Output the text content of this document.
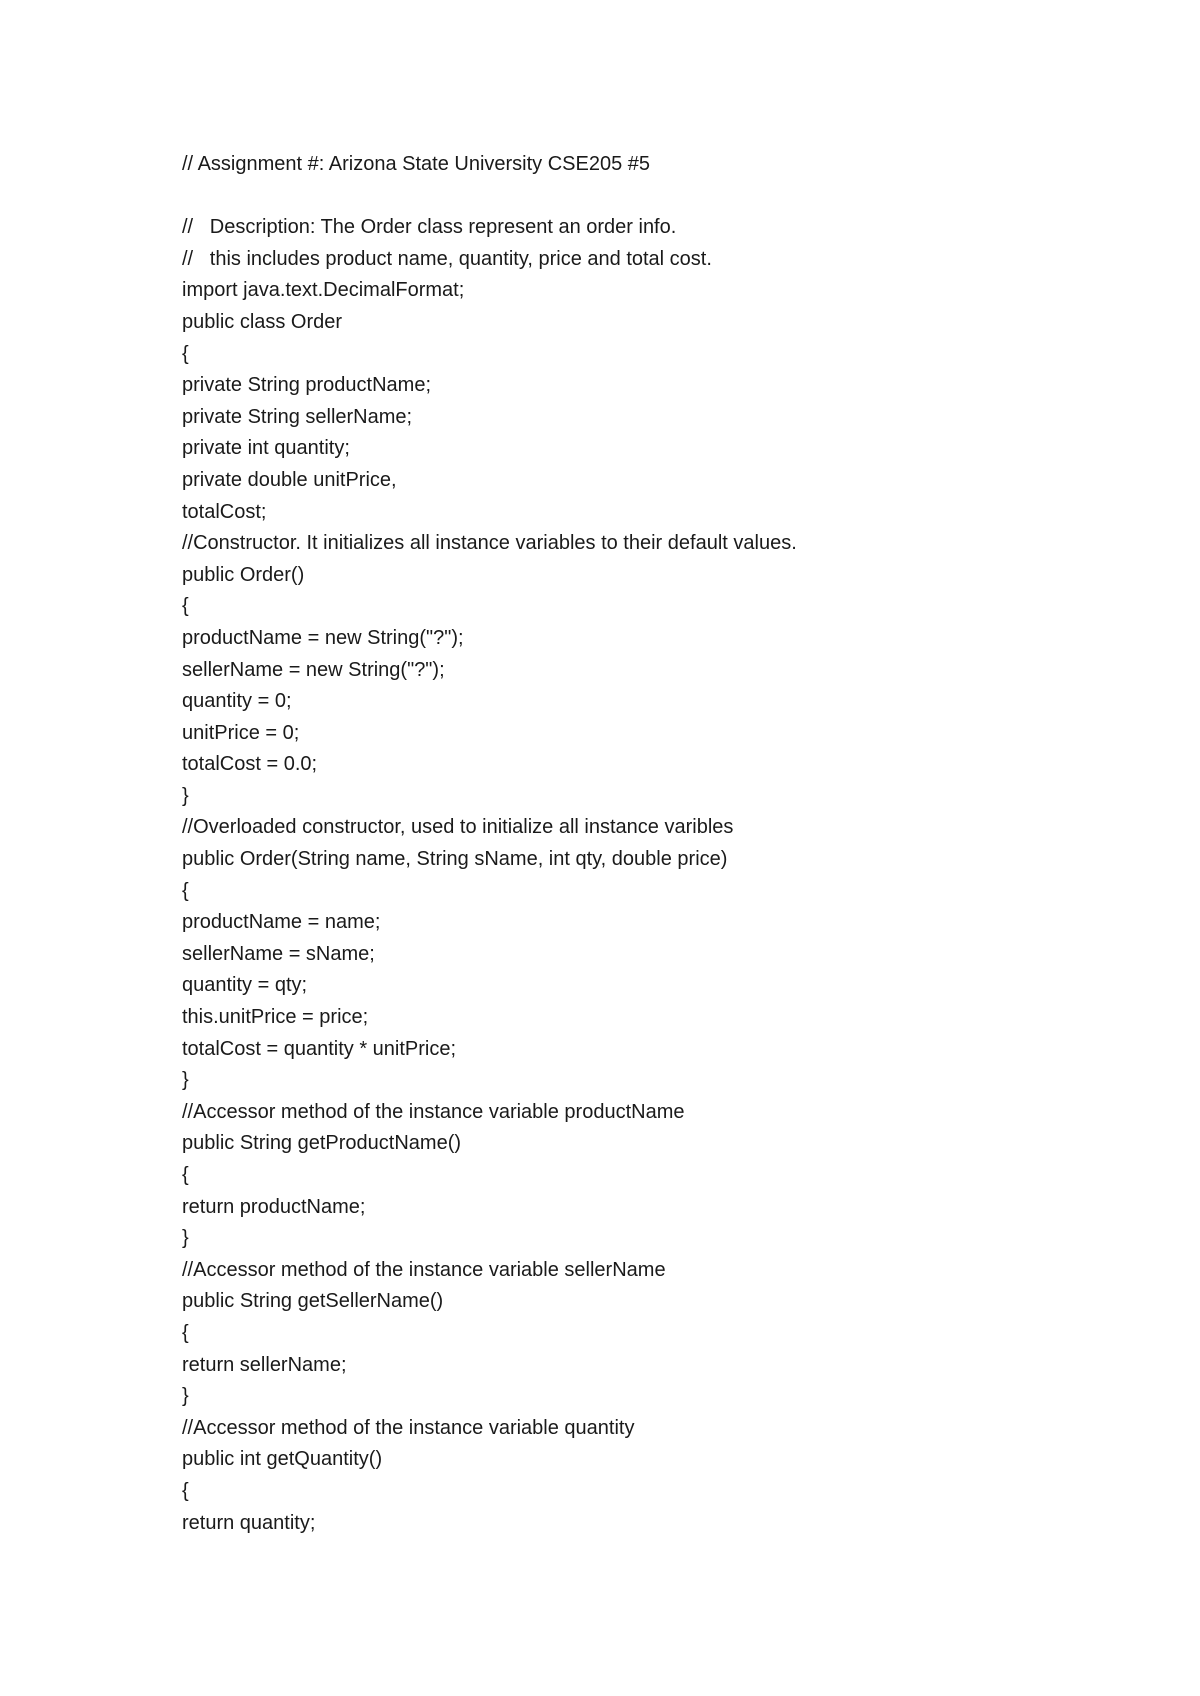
// Assignment #: Arizona State University CSE205 #5
//   Description: The Order class represent an order info.
//   this includes product name, quantity, price and total cost.
import java.text.DecimalFormat;
public class Order
{
private String productName;
private String sellerName;
private int quantity;
private double unitPrice,
totalCost;
//Constructor. It initializes all instance variables to their default values.
public Order()
{
productName = new String("?");
sellerName = new String("?");
quantity = 0;
unitPrice = 0;
totalCost = 0.0;
}
//Overloaded constructor, used to initialize all instance varibles
public Order(String name, String sName, int qty, double price)
{
productName = name;
sellerName = sName;
quantity = qty;
this.unitPrice = price;
totalCost = quantity * unitPrice;
}
//Accessor method of the instance variable productName
public String getProductName()
{
return productName;
}
//Accessor method of the instance variable sellerName
public String getSellerName()
{
return sellerName;
}
//Accessor method of the instance variable quantity
public int getQuantity()
{
return quantity;
